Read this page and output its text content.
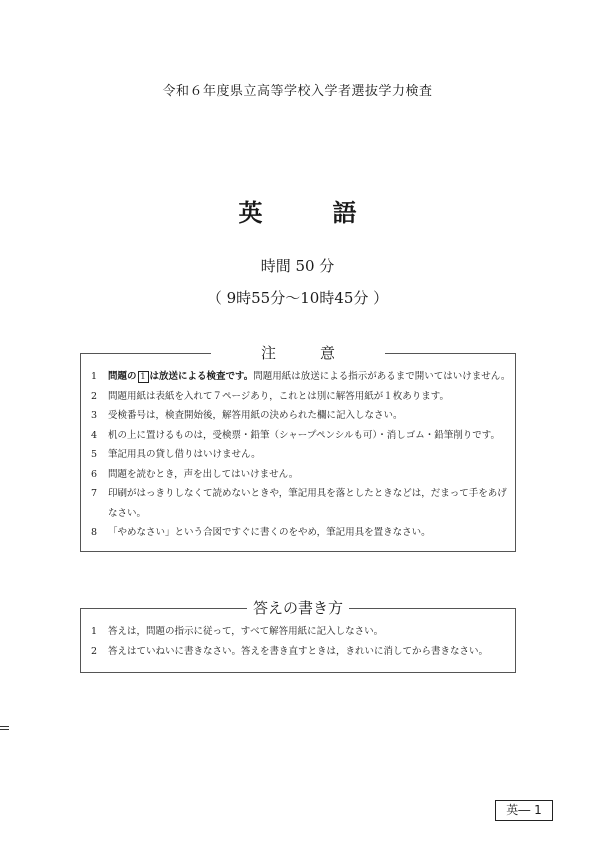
令和６年度県立高等学校入学者選抜学力検査
英	語
時間 50 分
（ 9時55分～10時45分 ）
注意
1 問題の 1 は放送による検査です。問題用紙は放送による指示があるまで開いてはいけません。
2 問題用紙は表紙を入れて７ページあり，これとは別に解答用紙が１枚あります。
3 受検番号は，検査開始後，解答用紙の決められた欄に記入しなさい。
4 机の上に置けるものは，受検票・鉛筆（シャープペンシルも可）・消しゴム・鉛筆削りです。
5 筆記用具の貸し借りはいけません。
6 問題を読むとき，声を出してはいけません。
7 印刷がはっきりしなくて読めないときや，筆記用具を落としたときなどは，だまって手をあげなさい。
8 「やめなさい」という合図ですぐに書くのをやめ，筆記用具を置きなさい。
答えの書き方
1 答えは，問題の指示に従って，すべて解答用紙に記入しなさい。
2 答えはていねいに書きなさい。答えを書き直すときは，きれいに消してから書きなさい。
英― 1
